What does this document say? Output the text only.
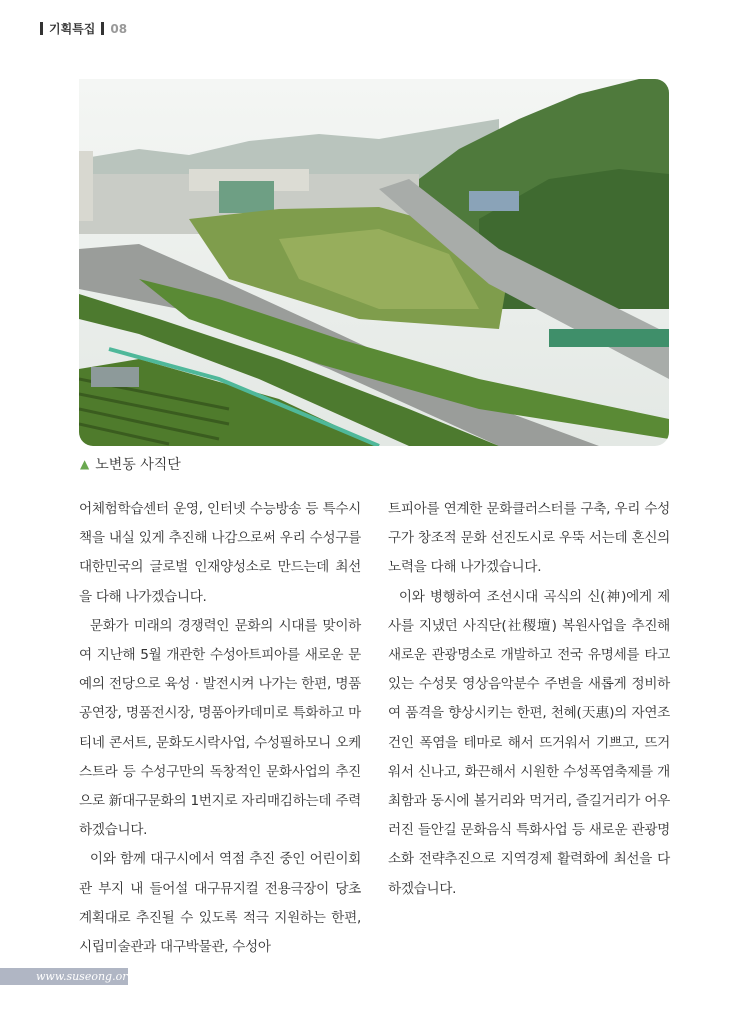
기획특집 08
▲ 노변동 사직단

어체험학습센터 운영, 인터넷 수능방송 등 특수시책을 내실 있게 추진해 나감으로써 우리 수성구를 대한민국의 글로벌 인재양성소로 만드는데 최선을 다해 나가겠습니다.

문화가 미래의 경쟁력인 문화의 시대를 맞이하여 지난해 5월 개관한 수성아트피아를 새로운 문예의 전당으로 육성 · 발전시켜 나가는 한편, 명품공연장, 명품전시장, 명품아카데미로 특화하고 마티네 콘서트, 문화도시락사업, 수성필하모니 오케스트라 등 수성구만의 독창적인 문화사업의 추진으로 新대구문화의 1번지로 자리매김하는데 주력하겠습니다.

이와 함께 대구시에서 역점 추진 중인 어린이회관 부지 내 들어설 대구뮤지컬 전용극장이 당초 계획대로 추진될 수 있도록 적극 지원하는 한편, 시립미술관과 대구박물관, 수성아

트피아를 연계한 문화클러스터를 구축, 우리 수성구가 창조적 문화 선진도시로 우뚝 서는데 혼신의 노력을 다해 나가겠습니다.

이와 병행하여 조선시대 곡식의 신(神)에게 제사를 지냈던 사직단(社稷壇) 복원사업을 추진해 새로운 관광명소로 개발하고 전국 유명세를 타고 있는 수성못 영상음악분수 주변을 새롭게 정비하여 품격을 향상시키는 한편, 천혜(天惠)의 자연조건인 폭염을 테마로 해서 뜨거워서 기쁘고, 뜨거워서 신나고, 화끈해서 시원한 수성폭염축제를 개최함과 동시에 볼거리와 먹거리, 즐길거리가 어우러진 들안길 문화음식 특화사업 등 새로운 관광명소화 전략추진으로 지역경제 활력화에 최선을 다하겠습니다.

www.suseong.org
